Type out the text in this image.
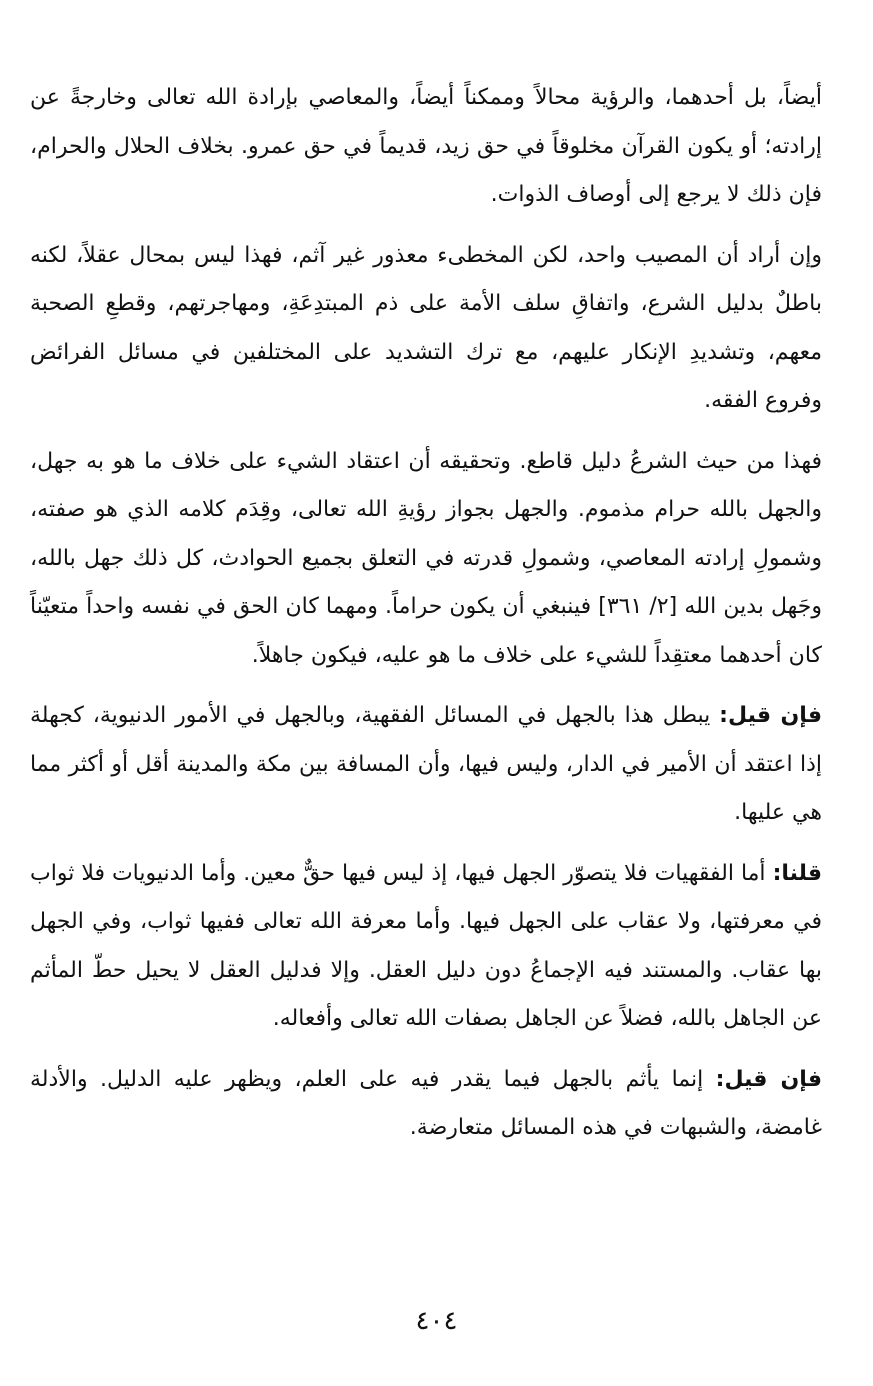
أيضاً، بل أحدهما، والرؤية محالاً وممكناً أيضاً، والمعاصي بإرادة الله تعالى وخارجةً عن إرادته؛ أو يكون القرآن مخلوقاً في حق زيد، قديماً في حق عمرو. بخلاف الحلال والحرام، فإن ذلك لا يرجع إلى أوصاف الذوات.

وإن أراد أن المصيب واحد، لكن المخطىء معذور غير آثم، فهذا ليس بمحال عقلاً، لكنه باطلٌ بدليل الشرع، واتفاقِ سلف الأمة على ذم المبتدِعَةِ، ومهاجرتهم، وقطعِ الصحبة معهم، وتشديدِ الإنكار عليهم، مع ترك التشديد على المختلفين في مسائل الفرائض وفروع الفقه.

فهذا من حيث الشرعُ دليل قاطع. وتحقيقه أن اعتقاد الشيء على خلاف ما هو به جهل، والجهل بالله حرام مذموم. والجهل بجواز رؤيةِ الله تعالى، وقِدَم كلامه الذي هو صفته، وشمولِ إرادته المعاصي، وشمولِ قدرته في التعلق بجميع الحوادث، كل ذلك جهل بالله، وجَهل بدين الله [٢/ ٣٦١] فينبغي أن يكون حراماً. ومهما كان الحق في نفسه واحداً متعيّناً كان أحدهما معتقِداً للشيء على خلاف ما هو عليه، فيكون جاهلاً.

فإن قيل: يبطل هذا بالجهل في المسائل الفقهية، وبالجهل في الأمور الدنيوية، كجهلة إذا اعتقد أن الأمير في الدار، وليس فيها، وأن المسافة بين مكة والمدينة أقل أو أكثر مما هي عليها.

قلنا: أما الفقهيات فلا يتصوّر الجهل فيها، إذ ليس فيها حقٌّ معين. وأما الدنيويات فلا ثواب في معرفتها، ولا عقاب على الجهل فيها. وأما معرفة الله تعالى ففيها ثواب، وفي الجهل بها عقاب. والمستند فيه الإجماعُ دون دليل العقل. وإلا فدليل العقل لا يحيل حطّ المأثم عن الجاهل بالله، فضلاً عن الجاهل بصفات الله تعالى وأفعاله.

فإن قيل: إنما يأثم بالجهل فيما يقدر فيه على العلم، ويظهر عليه الدليل. والأدلة غامضة، والشبهات في هذه المسائل متعارضة.

٤٠٤
